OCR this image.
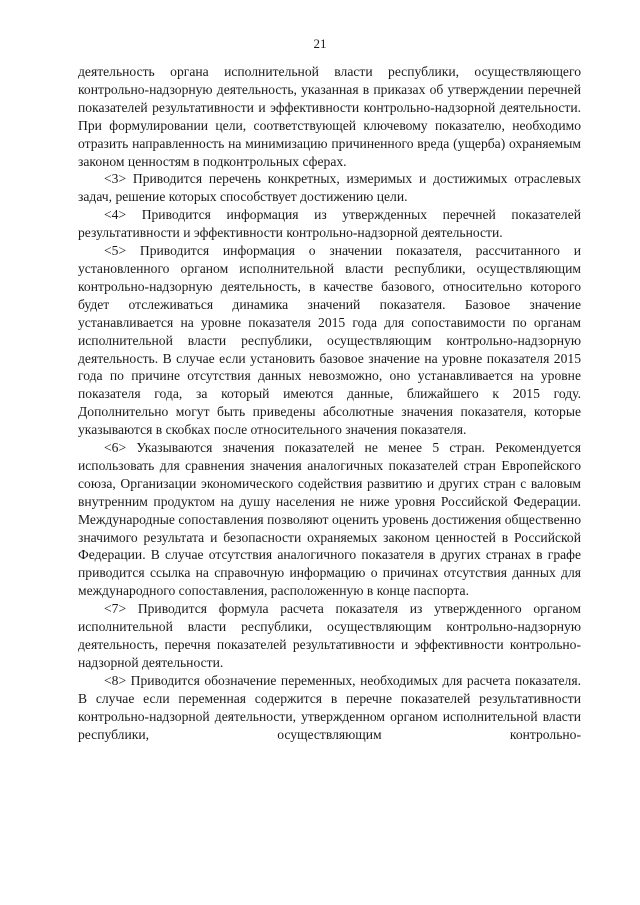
21

деятельность органа исполнительной власти республики, осуществляющего контрольно-надзорную деятельность, указанная в приказах об утверждении перечней показателей результативности и эффективности контрольно-надзорной деятельности. При формулировании цели, соответствующей ключевому показателю, необходимо отразить направленность на минимизацию причиненного вреда (ущерба) охраняемым законом ценностям в подконтрольных сферах.

<3> Приводится перечень конкретных, измеримых и достижимых отраслевых задач, решение которых способствует достижению цели.

<4> Приводится информация из утвержденных перечней показателей результативности и эффективности контрольно-надзорной деятельности.

<5> Приводится информация о значении показателя, рассчитанного и установленного органом исполнительной власти республики, осуществляющим контрольно-надзорную деятельность, в качестве базового, относительно которого будет отслеживаться динамика значений показателя. Базовое значение устанавливается на уровне показателя 2015 года для сопоставимости по органам исполнительной власти республики, осуществляющим контрольно-надзорную деятельность. В случае если установить базовое значение на уровне показателя 2015 года по причине отсутствия данных невозможно, оно устанавливается на уровне показателя года, за который имеются данные, ближайшего к 2015 году. Дополнительно могут быть приведены абсолютные значения показателя, которые указываются в скобках после относительного значения показателя.

<6> Указываются значения показателей не менее 5 стран. Рекомендуется использовать для сравнения значения аналогичных показателей стран Европейского союза, Организации экономического содействия развитию и других стран с валовым внутренним продуктом на душу населения не ниже уровня Российской Федерации. Международные сопоставления позволяют оценить уровень достижения общественно значимого результата и безопасности охраняемых законом ценностей в Российской Федерации. В случае отсутствия аналогичного показателя в других странах в графе приводится ссылка на справочную информацию о причинах отсутствия данных для международного сопоставления, расположенную в конце паспорта.

<7> Приводится формула расчета показателя из утвержденного органом исполнительной власти республики, осуществляющим контрольно-надзорную деятельность, перечня показателей результативности и эффективности контрольно-надзорной деятельности.

<8> Приводится обозначение переменных, необходимых для расчета показателя. В случае если переменная содержится в перечне показателей результативности контрольно-надзорной деятельности, утвержденном органом исполнительной власти республики, осуществляющим контрольно-
